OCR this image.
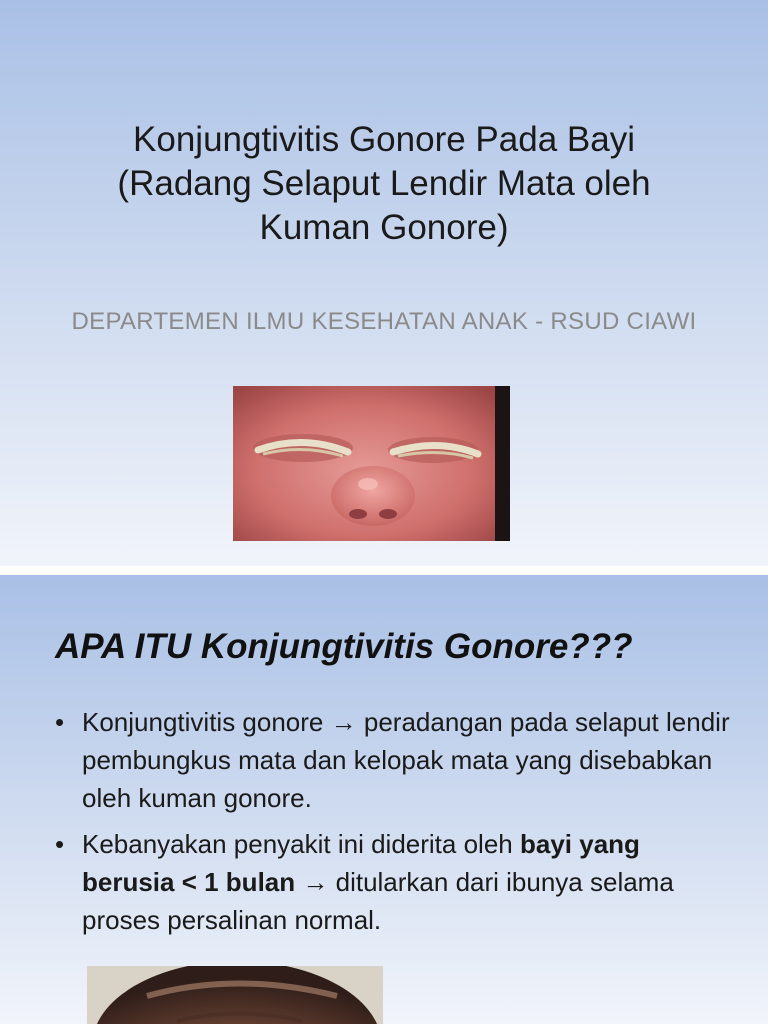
Konjungtivitis Gonore Pada Bayi
(Radang Selaput Lendir Mata oleh
Kuman Gonore)
DEPARTEMEN ILMU KESEHATAN ANAK - RSUD CIAWI
APA ITU Konjungtivitis Gonore???
• Konjungtivitis gonore → peradangan pada selaput lendir pembungkus mata dan kelopak mata yang disebabkan oleh kuman gonore.
• Kebanyakan penyakit ini diderita oleh bayi yang berusia < 1 bulan → ditularkan dari ibunya selama proses persalinan normal.
